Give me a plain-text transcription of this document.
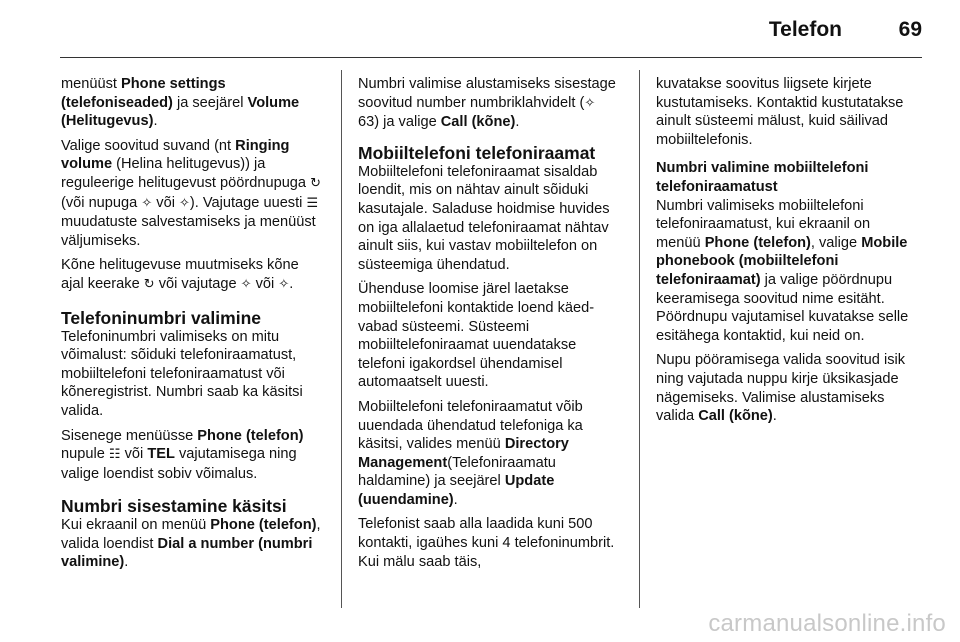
Telefon	69

menüüst Phone settings (telefoniseaded) ja seejärel Volume (Helitugevus).

Valige soovitud suvand (nt Ringing volume (Helina helitugevus)) ja reguleerige helitugevust pöördnupuga ↻ (või nupuga ✧ või ✧). Vajutage uuesti ☰ muudatuste salvestamiseks ja menüüst väljumiseks.

Kõne helitugevuse muutmiseks kõne ajal keerake ↻ või vajutage ✧ või ✧.

Telefoninumbri valimine

Telefoninumbri valimiseks on mitu võimalust: sõiduki telefoniraamatust, mobiiltelefoni telefoniraamatust või kõneregistrist. Numbri saab ka käsitsi valida.

Sisenege menüüsse Phone (telefon) nupule ☷ või TEL vajutamisega ning valige loendist sobiv võimalus.

Numbri sisestamine käsitsi

Kui ekraanil on menüü Phone (telefon), valida loendist Dial a number (numbri valimine).

Numbri valimise alustamiseks sisestage soovitud number numbriklahvidelt (✧ 63) ja valige Call (kõne).

Mobiiltelefoni telefoniraamat

Mobiiltelefoni telefoniraamat sisaldab loendit, mis on nähtav ainult sõiduki kasutajale. Saladuse hoidmise huvides on iga allalaetud telefoniraamat nähtav ainult siis, kui vastav mobiiltelefon on süsteemiga ühendatud.

Ühenduse loomise järel laetakse mobiiltelefoni kontaktide loend käed-vabad süsteemi. Süsteemi mobiiltelefoniraamat uuendatakse telefoni igakordsel ühendamisel automaatselt uuesti.

Mobiiltelefoni telefoniraamatut võib uuendada ühendatud telefoniga ka käsitsi, valides menüü Directory Management(Telefoniraamatu haldamine) ja seejärel Update (uuendamine).

Telefonist saab alla laadida kuni 500 kontakti, igaühes kuni 4 telefoninumbrit. Kui mälu saab täis,

kuvatakse soovitus liigsete kirjete kustutamiseks. Kontaktid kustutatakse ainult süsteemi mälust, kuid säilivad mobiiltelefonis.

Numbri valimine mobiiltelefoni telefoniraamatust

Numbri valimiseks mobiiltelefoni telefoniraamatust, kui ekraanil on menüü Phone (telefon), valige Mobile phonebook (mobiiltelefoni telefoniraamat) ja valige pöördnupu keeramisega soovitud nime esitäht. Pöördnupu vajutamisel kuvatakse selle esitähega kontaktid, kui neid on.

Nupu pööramisega valida soovitud isik ning vajutada nuppu kirje üksikasjade nägemiseks. Valimise alustamiseks valida Call (kõne).

carmanualsonline.info
